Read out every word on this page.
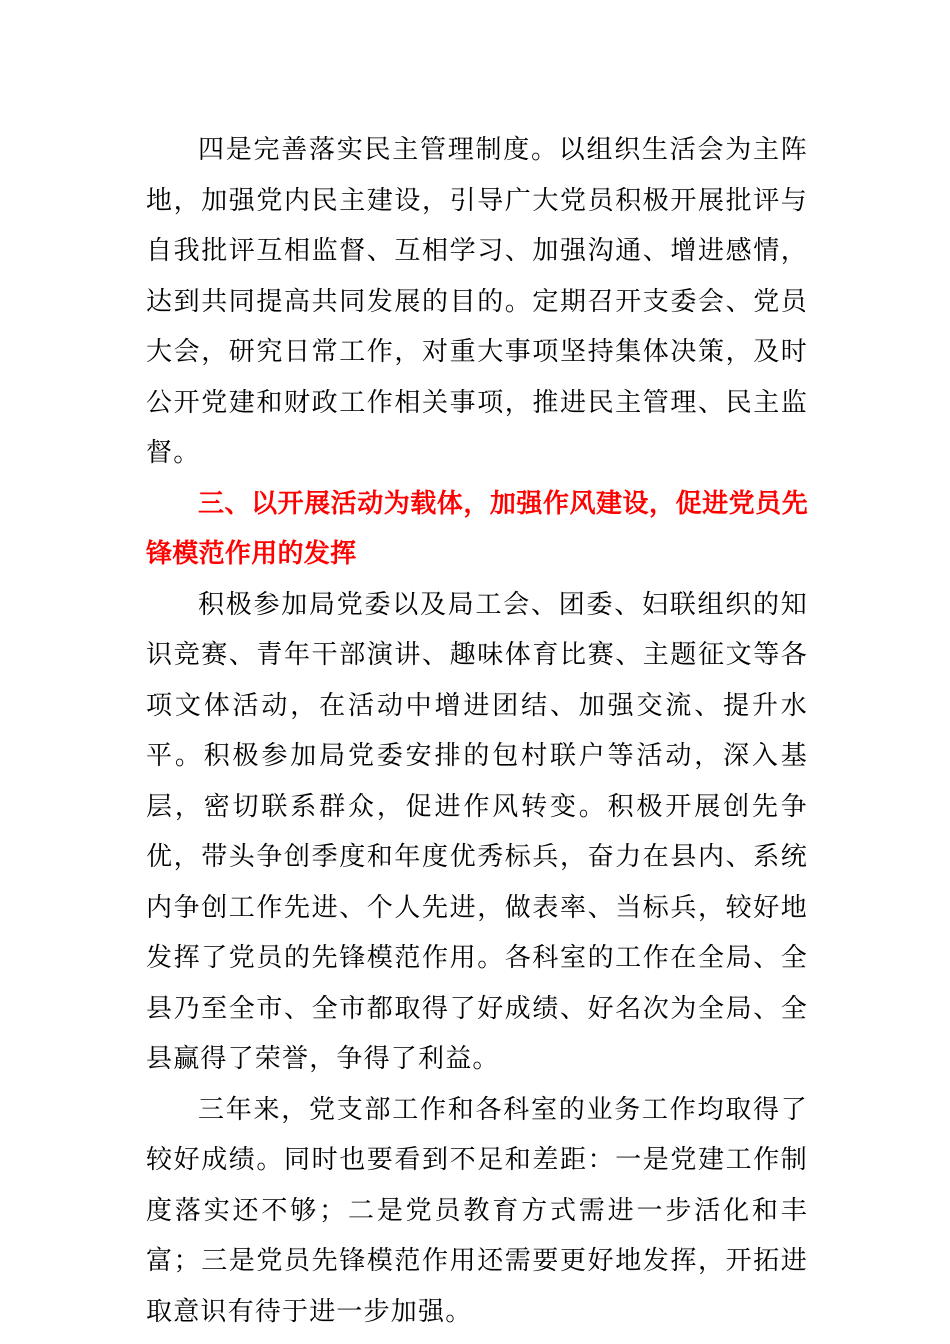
四是完善落实民主管理制度。以组织生活会为主阵地，加强党内民主建设，引导广大党员积极开展批评与自我批评互相监督、互相学习、加强沟通、增进感情，达到共同提高共同发展的目的。定期召开支委会、党员大会，研究日常工作，对重大事项坚持集体决策，及时公开党建和财政工作相关事项，推进民主管理、民主监督。

三、以开展活动为载体，加强作风建设，促进党员先锋模范作用的发挥

积极参加局党委以及局工会、团委、妇联组织的知识竞赛、青年干部演讲、趣味体育比赛、主题征文等各项文体活动，在活动中增进团结、加强交流、提升水平。积极参加局党委安排的包村联户等活动，深入基层，密切联系群众，促进作风转变。积极开展创先争优，带头争创季度和年度优秀标兵，奋力在县内、系统内争创工作先进、个人先进，做表率、当标兵，较好地发挥了党员的先锋模范作用。各科室的工作在全局、全县乃至全市、全市都取得了好成绩、好名次为全局、全县赢得了荣誉，争得了利益。

三年来，党支部工作和各科室的业务工作均取得了较好成绩。同时也要看到不足和差距：一是党建工作制度落实还不够；二是党员教育方式需进一步活化和丰富；三是党员先锋模范作用还需要更好地发挥，开拓进取意识有待于进一步加强。
